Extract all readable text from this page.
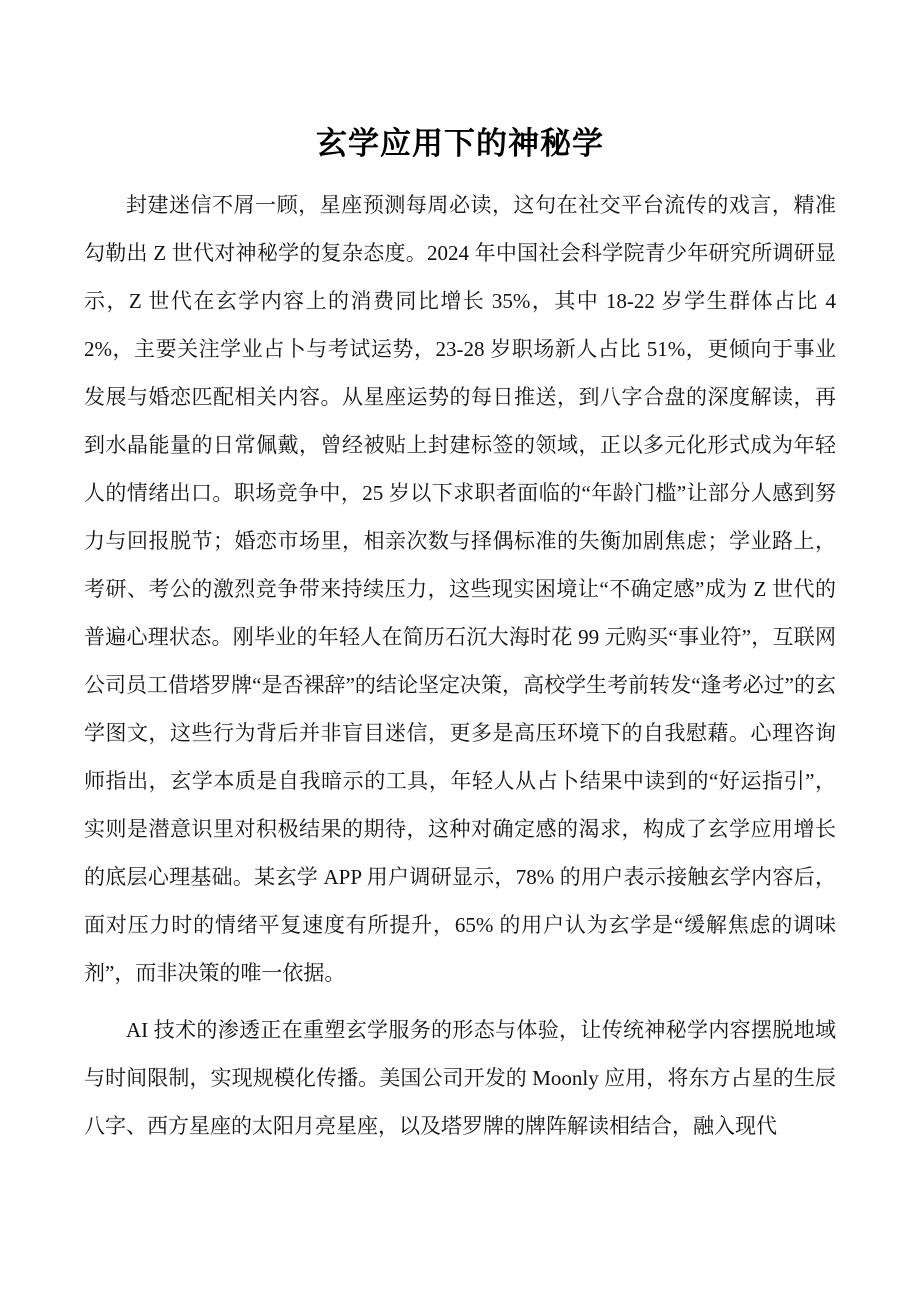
玄学应用下的神秘学

封建迷信不屑一顾，星座预测每周必读，这句在社交平台流传的戏言，精准勾勒出 Z 世代对神秘学的复杂态度。2024 年中国社会科学院青少年研究所调研显示，Z 世代在玄学内容上的消费同比增长 35%，其中 18-22 岁学生群体占比 42%，主要关注学业占卜与考试运势，23-28 岁职场新人占比 51%，更倾向于事业发展与婚恋匹配相关内容。从星座运势的每日推送，到八字合盘的深度解读，再到水晶能量的日常佩戴，曾经被贴上封建标签的领域，正以多元化形式成为年轻人的情绪出口。职场竞争中，25 岁以下求职者面临的“年龄门槛”让部分人感到努力与回报脱节；婚恋市场里，相亲次数与择偶标准的失衡加剧焦虑；学业路上，考研、考公的激烈竞争带来持续压力，这些现实困境让“不确定感”成为 Z 世代的普遍心理状态。刚毕业的年轻人在简历石沉大海时花 99 元购买“事业符”，互联网公司员工借塔罗牌“是否裸辞”的结论坚定决策，高校学生考前转发“逢考必过”的玄学图文，这些行为背后并非盲目迷信，更多是高压环境下的自我慰藉。心理咨询师指出，玄学本质是自我暗示的工具，年轻人从占卜结果中读到的“好运指引”，实则是潜意识里对积极结果的期待，这种对确定感的渴求，构成了玄学应用增长的底层心理基础。某玄学 APP 用户调研显示，78% 的用户表示接触玄学内容后，面对压力时的情绪平复速度有所提升，65% 的用户认为玄学是“缓解焦虑的调味剂”，而非决策的唯一依据。

AI 技术的渗透正在重塑玄学服务的形态与体验，让传统神秘学内容摆脱地域与时间限制，实现规模化传播。美国公司开发的 Moonly 应用，将东方占星的生辰八字、西方星座的太阳月亮星座，以及塔罗牌的牌阵解读相结合，融入现代
